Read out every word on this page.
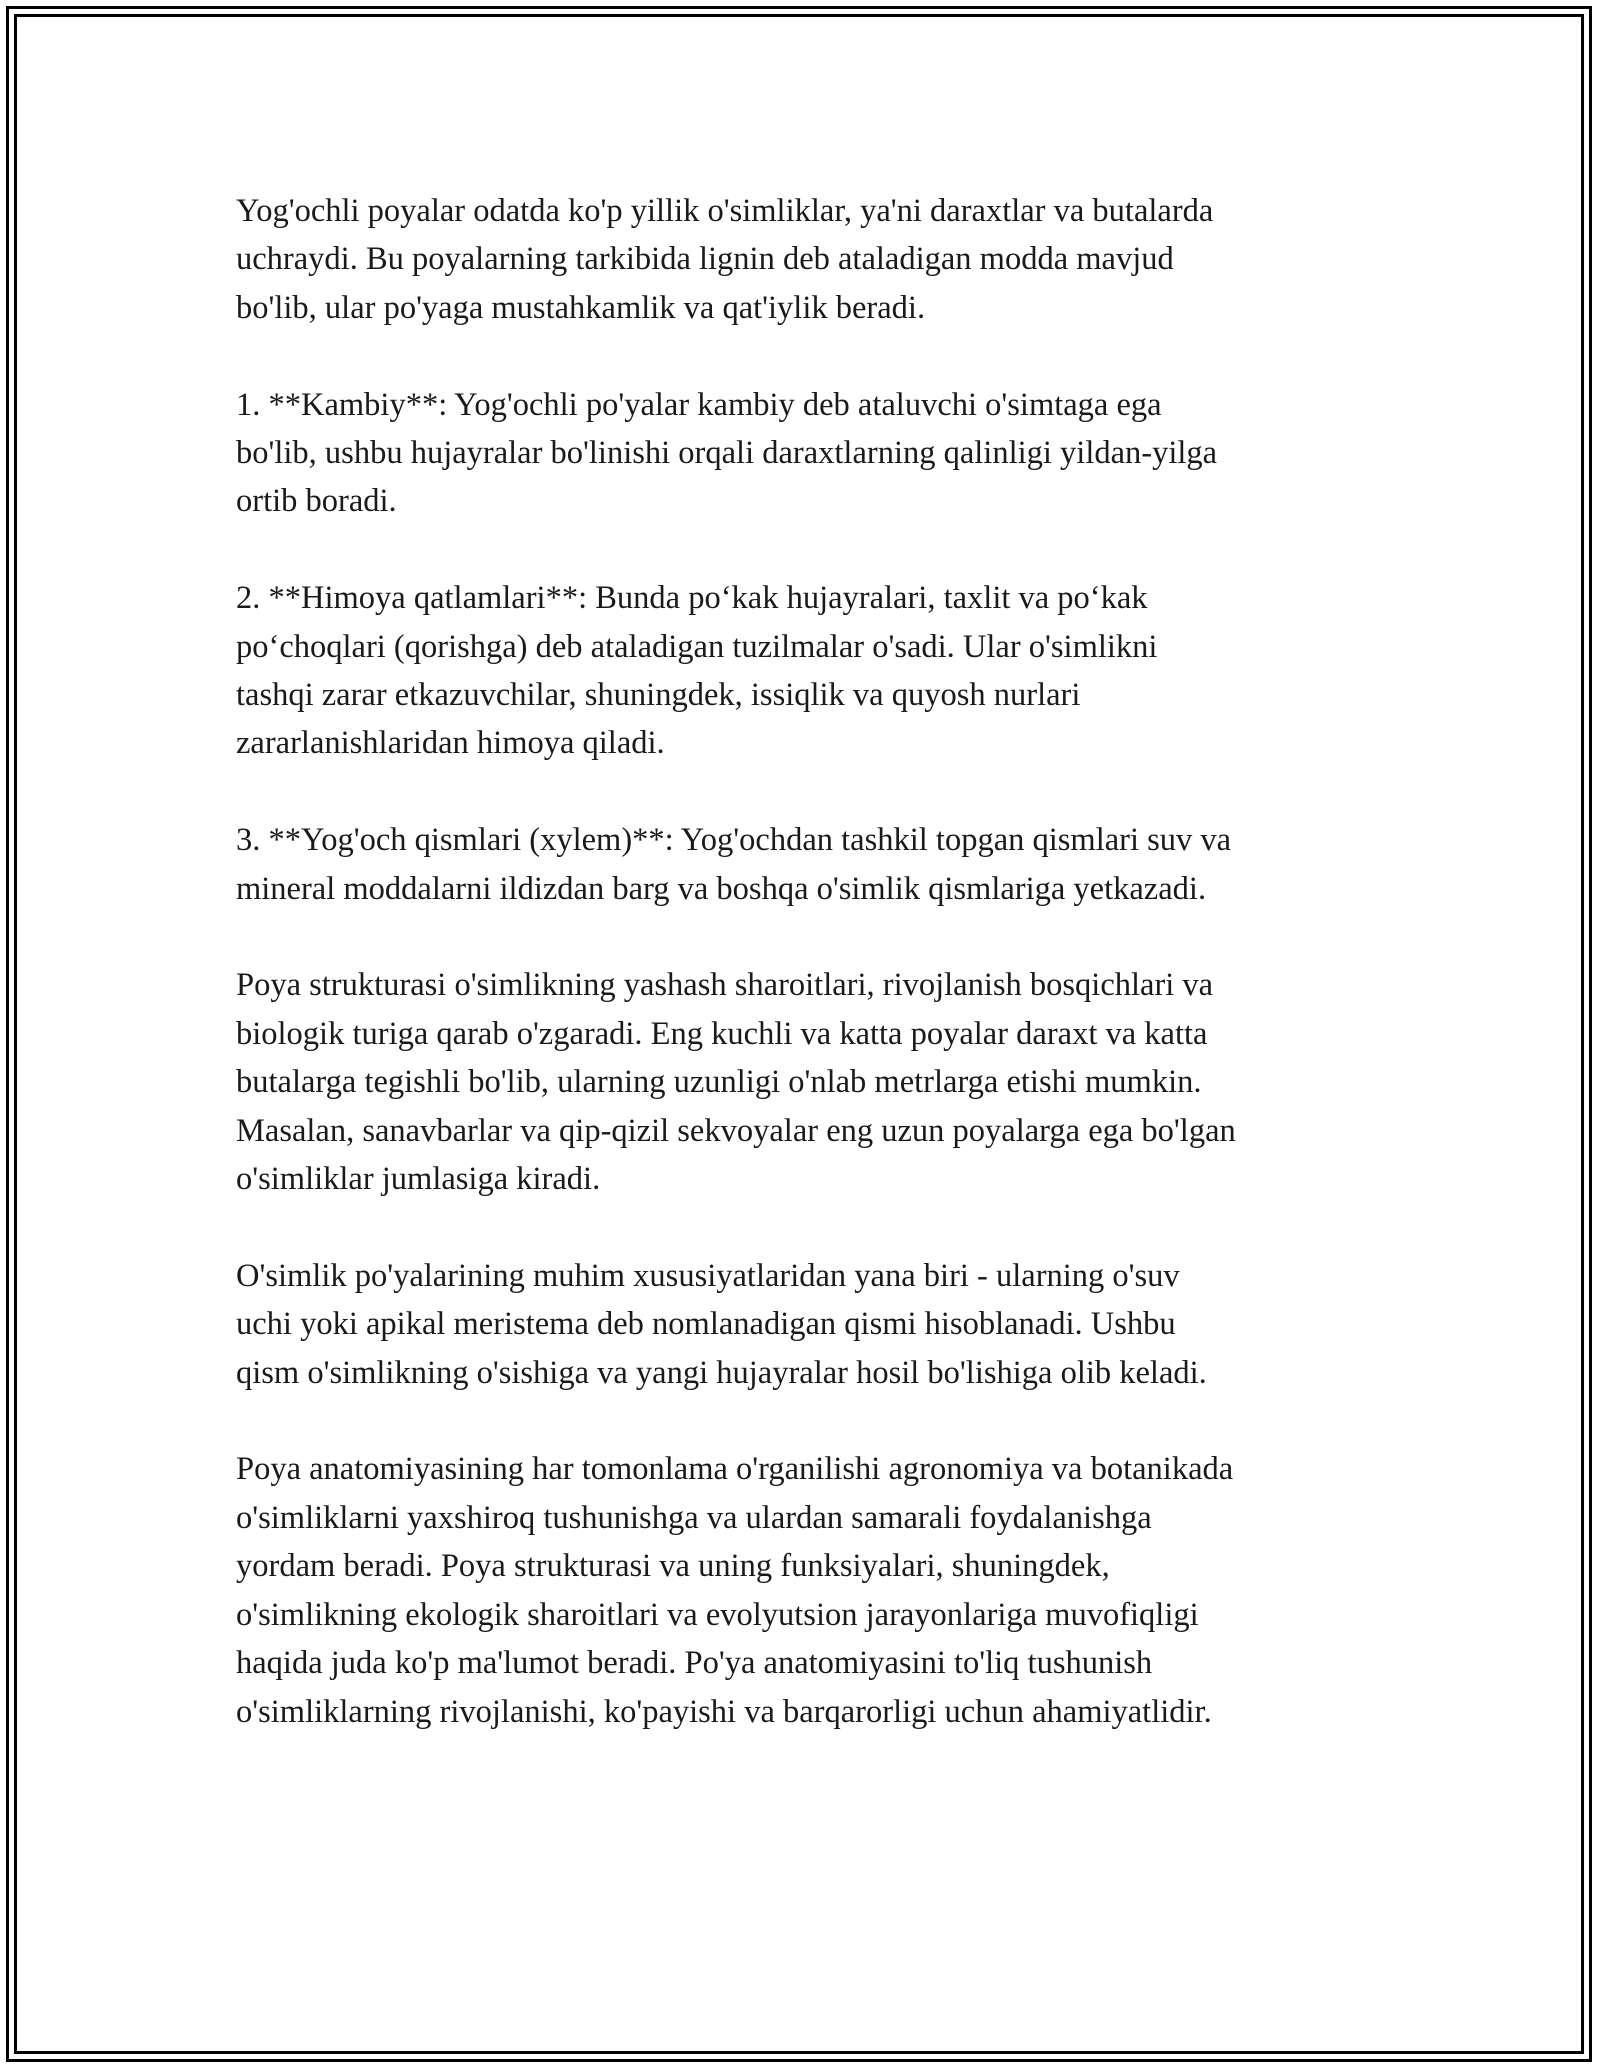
Yog'ochli poyalar odatda ko'p yillik o'simliklar, ya'ni daraxtlar va butalarda
uchraydi. Bu poyalarning tarkibida lignin deb ataladigan modda mavjud
bo'lib, ular po'yaga mustahkamlik va qat'iylik beradi.

1. **Kambiy**: Yog'ochli po'yalar kambiy deb ataluvchi o'simtaga ega
bo'lib, ushbu hujayralar bo'linishi orqali daraxtlarning qalinligi yildan-yilga
ortib boradi.

2. **Himoya qatlamlari**: Bunda po‘kak hujayralari, taxlit va po‘kak
po‘choqlari (qorishga) deb ataladigan tuzilmalar o'sadi. Ular o'simlikni
tashqi zarar etkazuvchilar, shuningdek, issiqlik va quyosh nurlari
zararlanishlaridan himoya qiladi.

3. **Yog'och qismlari (xylem)**: Yog'ochdan tashkil topgan qismlari suv va
mineral moddalarni ildizdan barg va boshqa o'simlik qismlariga yetkazadi.

Poya strukturasi o'simlikning yashash sharoitlari, rivojlanish bosqichlari va
biologik turiga qarab o'zgaradi. Eng kuchli va katta poyalar daraxt va katta
butalarga tegishli bo'lib, ularning uzunligi o'nlab metrlarga etishi mumkin.
Masalan, sanavbarlar va qip-qizil sekvoyalar eng uzun poyalarga ega bo'lgan
o'simliklar jumlasiga kiradi.

O'simlik po'yalarining muhim xususiyatlaridan yana biri - ularning o'suv
uchi yoki apikal meristema deb nomlanadigan qismi hisoblanadi. Ushbu
qism o'simlikning o'sishiga va yangi hujayralar hosil bo'lishiga olib keladi.

Poya anatomiyasining har tomonlama o'rganilishi agronomiya va botanikada
o'simliklarni yaxshiroq tushunishga va ulardan samarali foydalanishga
yordam beradi. Poya strukturasi va uning funksiyalari, shuningdek,
o'simlikning ekologik sharoitlari va evolyutsion jarayonlariga muvofiqligi
haqida juda ko'p ma'lumot beradi. Po'ya anatomiyasini to'liq tushunish
o'simliklarning rivojlanishi, ko'payishi va barqarorligi uchun ahamiyatlidir.
